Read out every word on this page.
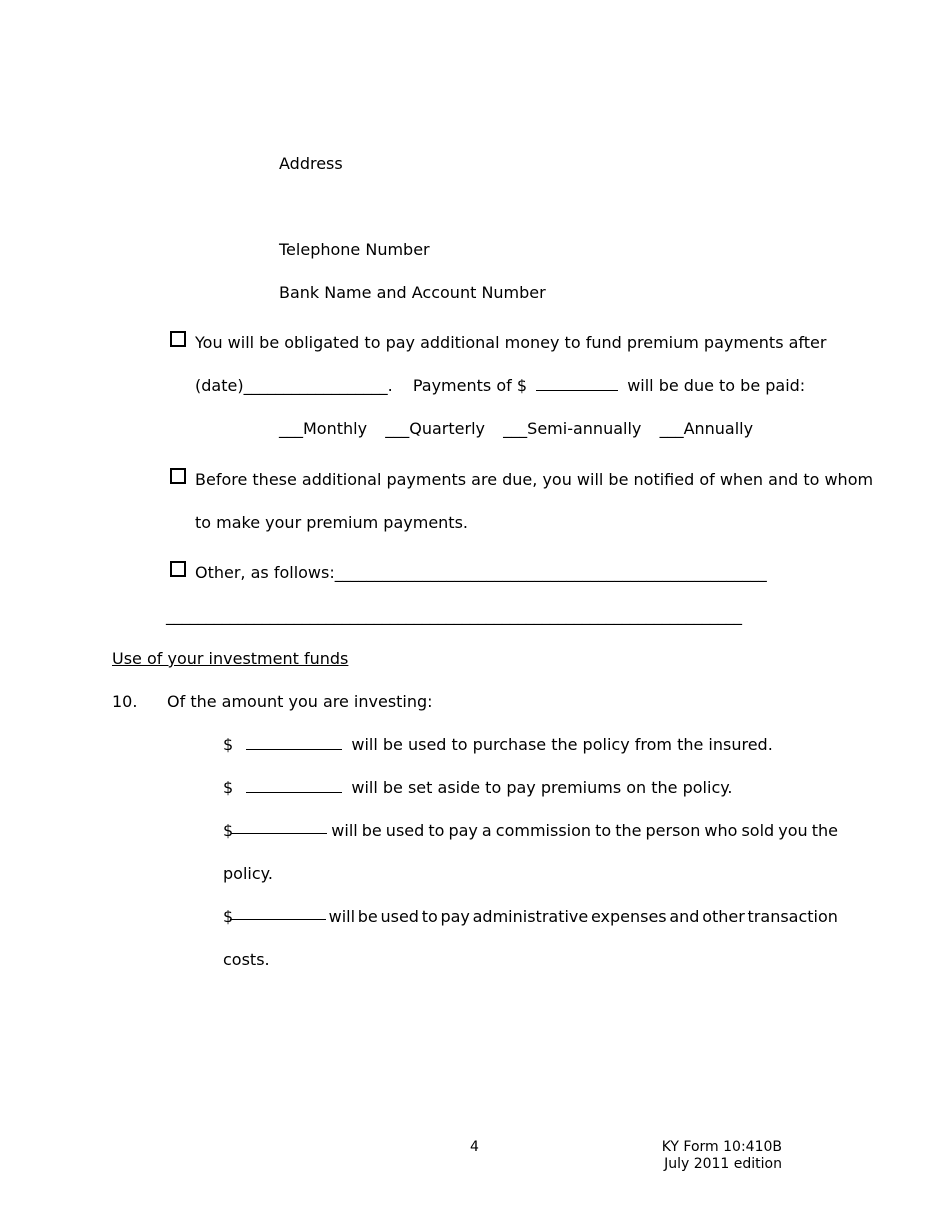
Address
Telephone Number
Bank Name and Account Number
You will be obligated to pay additional money to fund premium payments after
(date)__________________. Payments of $	will be due to be paid:
___Monthly ___Quarterly ___Semi-annually ___Annually
Before these additional payments are due, you will be notified of when and to whom
to make your premium payments.
Other, as follows:______________________________________________________
________________________________________________________________________
Use of your investment funds
10. Of the amount you are investing:
$	will be used to purchase the policy from the insured.
$	will be set aside to pay premiums on the policy.
$	will be used to pay a commission to the person who sold you the
policy.
$	will be used to pay administrative expenses and other transaction
costs.
4	KY Form 10:410B
July 2011 edition
